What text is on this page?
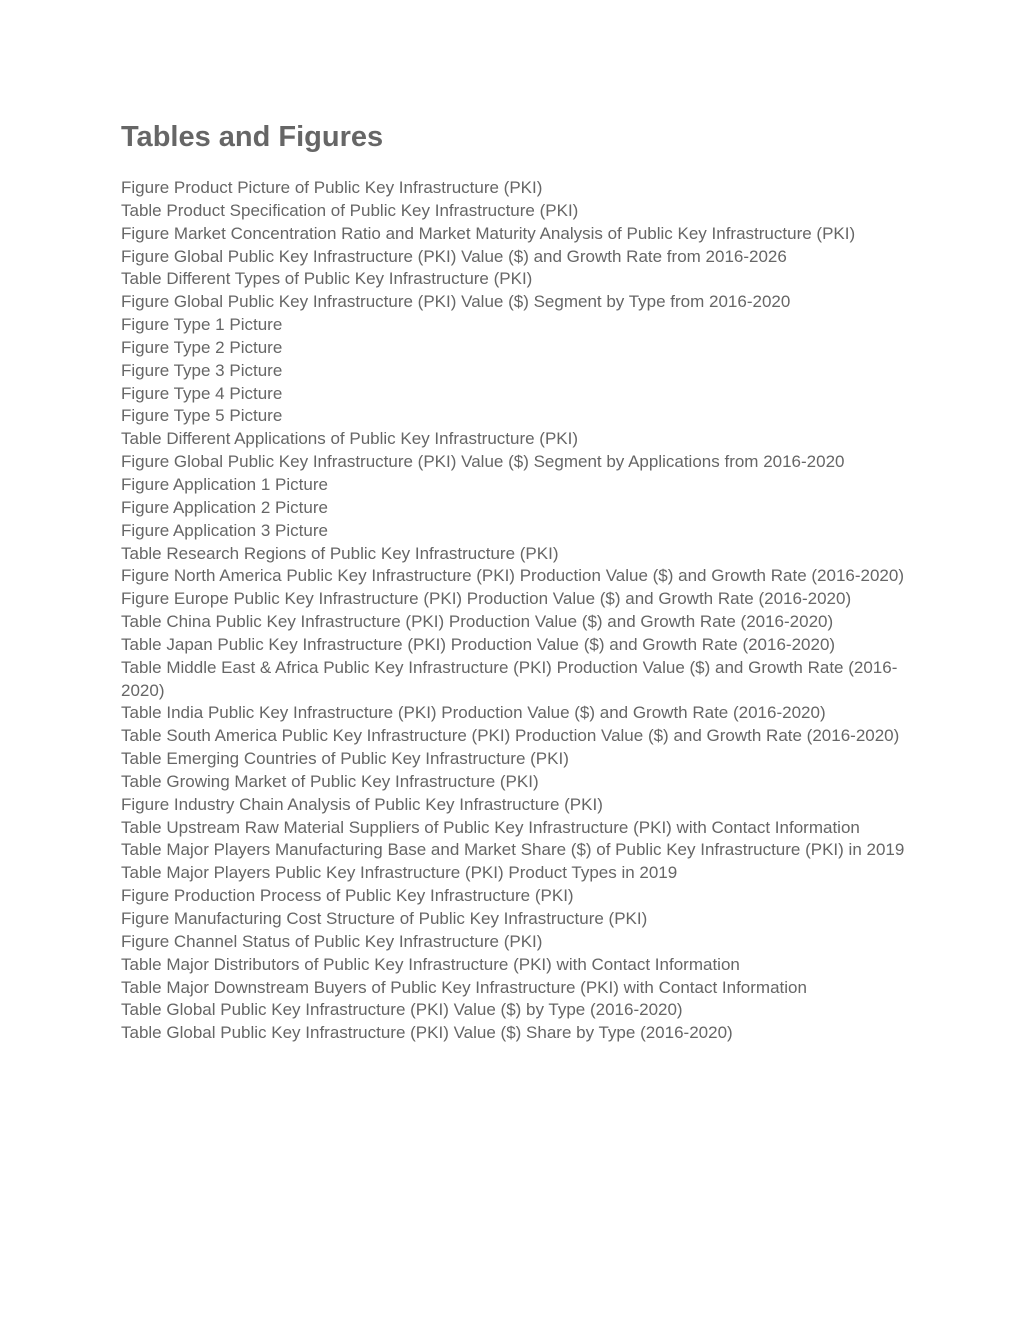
Tables and Figures
Figure Product Picture of Public Key Infrastructure (PKI)
Table Product Specification of Public Key Infrastructure (PKI)
Figure Market Concentration Ratio and Market Maturity Analysis of Public Key Infrastructure (PKI)
Figure Global Public Key Infrastructure (PKI) Value ($) and Growth Rate from 2016-2026
Table Different Types of Public Key Infrastructure (PKI)
Figure Global Public Key Infrastructure (PKI) Value ($) Segment by Type from 2016-2020
Figure Type 1 Picture
Figure Type 2 Picture
Figure Type 3 Picture
Figure Type 4 Picture
Figure Type 5 Picture
Table Different Applications of Public Key Infrastructure (PKI)
Figure Global Public Key Infrastructure (PKI) Value ($) Segment by Applications from 2016-2020
Figure Application 1 Picture
Figure Application 2 Picture
Figure Application 3 Picture
Table Research Regions of Public Key Infrastructure (PKI)
Figure North America Public Key Infrastructure (PKI) Production Value ($) and Growth Rate (2016-2020)
Figure Europe Public Key Infrastructure (PKI) Production Value ($) and Growth Rate (2016-2020)
Table China Public Key Infrastructure (PKI) Production Value ($) and Growth Rate (2016-2020)
Table Japan Public Key Infrastructure (PKI) Production Value ($) and Growth Rate (2016-2020)
Table Middle East & Africa Public Key Infrastructure (PKI) Production Value ($) and Growth Rate (2016-2020)
Table India Public Key Infrastructure (PKI) Production Value ($) and Growth Rate (2016-2020)
Table South America Public Key Infrastructure (PKI) Production Value ($) and Growth Rate (2016-2020)
Table Emerging Countries of Public Key Infrastructure (PKI)
Table Growing Market of Public Key Infrastructure (PKI)
Figure Industry Chain Analysis of Public Key Infrastructure (PKI)
Table Upstream Raw Material Suppliers of Public Key Infrastructure (PKI) with Contact Information
Table Major Players Manufacturing Base and Market Share ($) of Public Key Infrastructure (PKI) in 2019
Table Major Players Public Key Infrastructure (PKI) Product Types in 2019
Figure Production Process of Public Key Infrastructure (PKI)
Figure Manufacturing Cost Structure of Public Key Infrastructure (PKI)
Figure Channel Status of Public Key Infrastructure (PKI)
Table Major Distributors of Public Key Infrastructure (PKI) with Contact Information
Table Major Downstream Buyers of Public Key Infrastructure (PKI) with Contact Information
Table Global Public Key Infrastructure (PKI) Value ($) by Type (2016-2020)
Table Global Public Key Infrastructure (PKI) Value ($) Share by Type (2016-2020)
